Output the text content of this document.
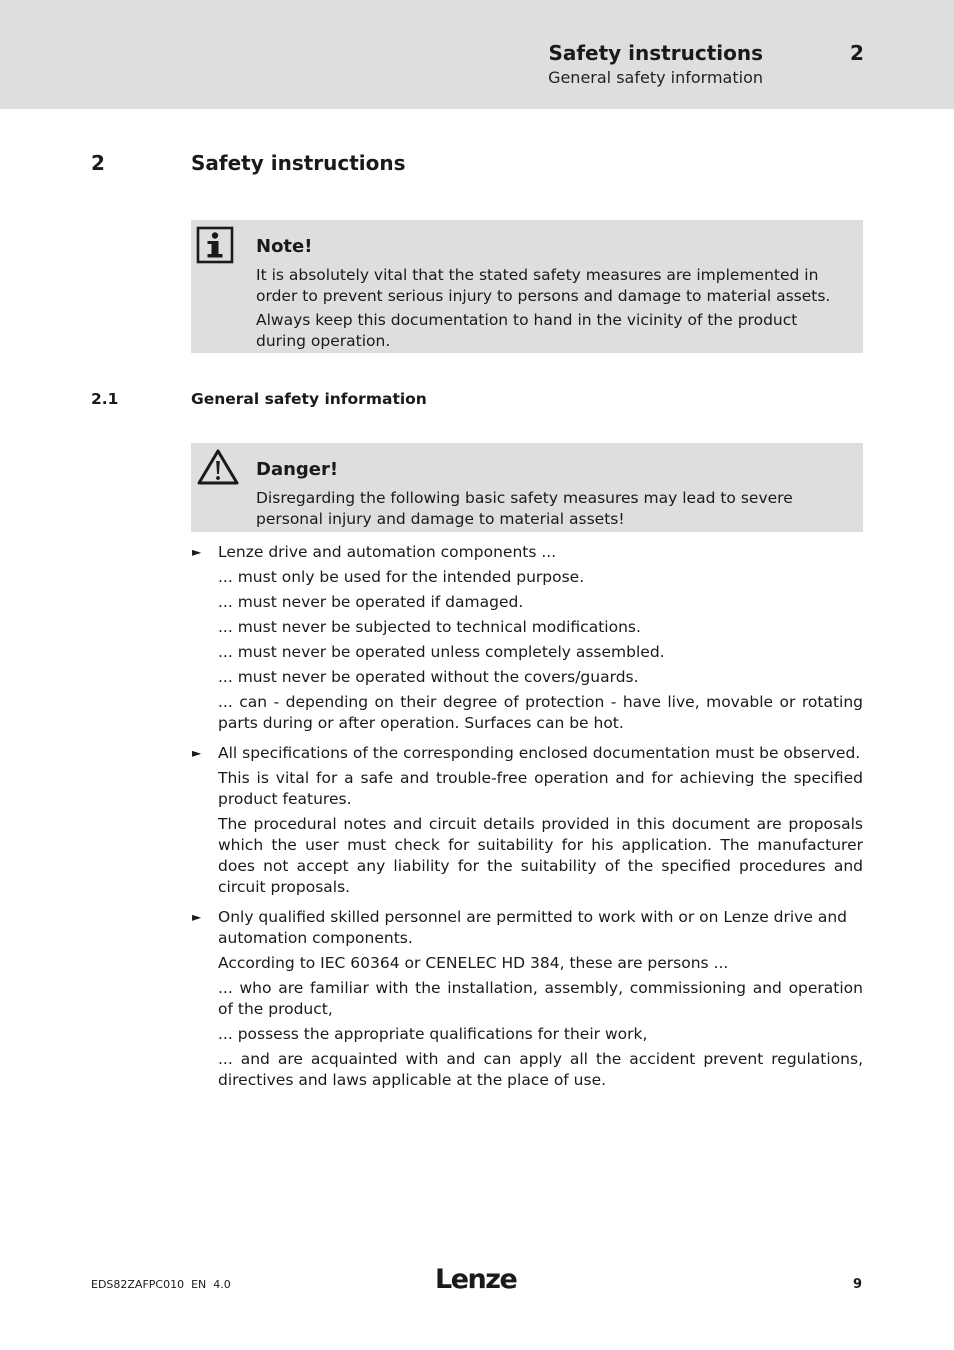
Safety instructions	2
General safety information
2	Safety instructions
Note!
It is absolutely vital that the stated safety measures are implemented in order to prevent serious injury to persons and damage to material assets.
Always keep this documentation to hand in the vicinity of the product during operation.
2.1	General safety information
Danger!
Disregarding the following basic safety measures may lead to severe personal injury and damage to material assets!
► Lenze drive and automation components ...
... must only be used for the intended purpose.
... must never be operated if damaged.
... must never be subjected to technical modifications.
... must never be operated unless completely assembled.
... must never be operated without the covers/guards.
... can - depending on their degree of protection - have live, movable or rotating parts during or after operation. Surfaces can be hot.
► All specifications of the corresponding enclosed documentation must be observed.
This is vital for a safe and trouble-free operation and for achieving the specified product features.
The procedural notes and circuit details provided in this document are proposals which the user must check for suitability for his application. The manufacturer does not accept any liability for the suitability of the specified procedures and circuit proposals.
► Only qualified skilled personnel are permitted to work with or on Lenze drive and automation components.
According to IEC 60364 or CENELEC HD 384, these are persons ...
... who are familiar with the installation, assembly, commissioning and operation of the product,
... possess the appropriate qualifications for their work,
... and are acquainted with and can apply all the accident prevent regulations, directives and laws applicable at the place of use.
EDS82ZAFPC010  EN  4.0	Lenze	9
